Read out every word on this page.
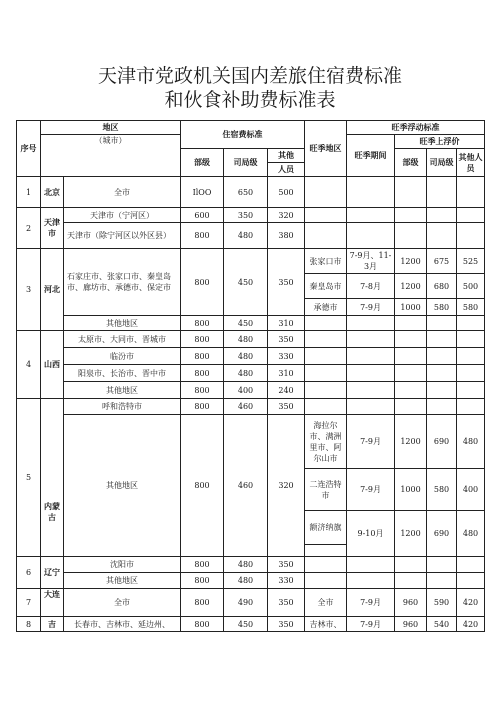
天津市党政机关国内差旅住宿费标准
和伙食补助费标准表
序号	地区		住宿费标准			旺季地区	旺季浮动标准			
	（城市）						旺季期间	旺季上浮价		
			部级	司局级	其他			部级	司局级	其他人员
					人员					
1	北京	全市	IlOO	650	500					
2	天津市	天津市（宁河区）	600	350	320					
		天津市（除宁河区以外区县）	800	480	380					
3	河北	石家庄市、张家口市、秦皇岛市、廊坊市、承德市、保定市	800	450	350	张家口市	7-9月、11-3月	1200	675	525
						秦皇岛市	7-8月	1200	680	500
						承德市	7-9月	1000	580	580
		其他地区	800	450	310					
4	山西	太原市、大同市、晋城市	800	480	350					
		临汾市	800	480	330					
		阳泉市、长治市、晋中市	800	480	310					
		其他地区	800	400	240					
5		呼和浩特市	800	460	350					
		其他地区	800	460	320	海拉尔市、满洲里市、阿尔山市	7-9月	1200	690	480
	内蒙古					二连浩特市	7-9月	1000	580	400
						额济纳旗	9-10月	1200	690	480

6	辽宁	沈阳市	800	480	350					
		其他地区	800	480	330					
7	大连	全市	800	490	350	全市	7-9月	960	590	420
8	吉	长春市、吉林市、延边州、	800	450	350	吉林市、	7-9月	960	540	420
